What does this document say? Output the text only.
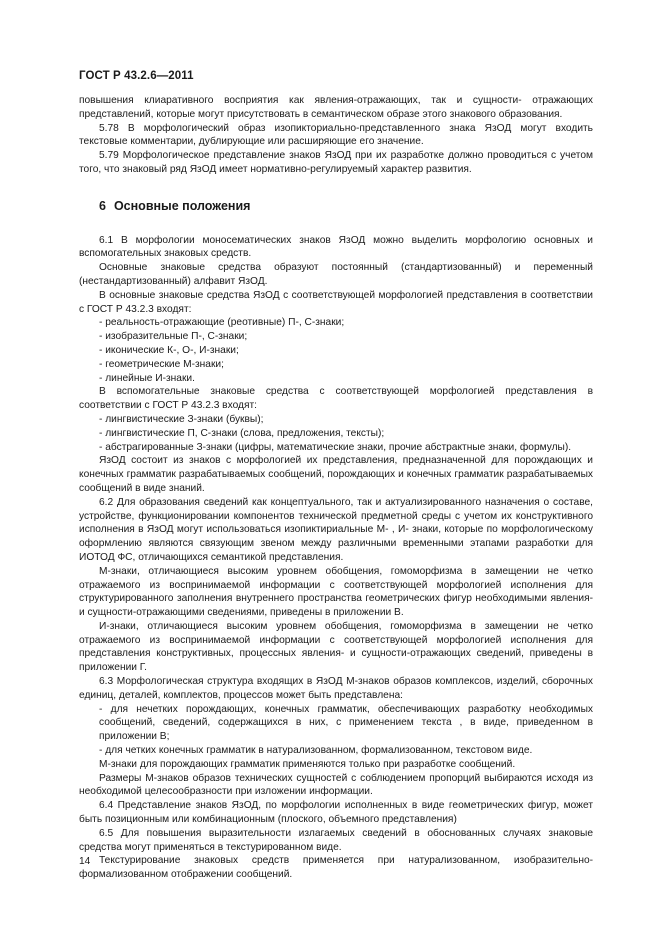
ГОСТ Р 43.2.6—2011

повышения клиаративного восприятия как явления-отражающих, так и сущности- отражающих представлений, которые могут присутствовать в семантическом образе этого знакового образования.

5.78 В морфологический образ изопикториально-представленного знака ЯзОД могут входить текстовые комментарии, дублирующие или расширяющие его значение.

5.79 Морфологическое представление знаков ЯзОД при их разработке должно проводиться с учетом того, что знаковый ряд ЯзОД имеет нормативно-регулируемый характер развития.

6 Основные положения

6.1 В морфологии моносематических знаков ЯзОД можно выделить морфологию основных и вспомогательных знаковых средств.

Основные знаковые средства образуют постоянный (стандартизованный) и переменный (нестандартизованный) алфавит ЯзОД.

В основные знаковые средства ЯзОД с соответствующей морфологией представления в соответствии с ГОСТ Р 43.2.3 входят:

- реальность-отражающие (реотивные) П-, С-знаки;

- изобразительные П-, С-знаки;

- иконические К-, О-, И-знаки;

- геометрические М-знаки;

- линейные И-знаки.

В вспомогательные знаковые средства с соответствующей морфологией представления в соответствии с ГОСТ Р 43.2.3 входят:

- лингвистические З-знаки (буквы);

- лингвистические П, С-знаки (слова, предложения, тексты);

- абстрагированные З-знаки (цифры, математические знаки, прочие абстрактные знаки, формулы).

ЯзОД состоит из знаков с морфологией их представления, предназначенной для порождающих и конечных грамматик разрабатываемых сообщений, порождающих и конечных грамматик разрабатываемых сообщений в виде знаний.

6.2 Для образования сведений как концептуального, так и актуализированного назначения о составе, устройстве, функционировании компонентов технической предметной среды с учетом их конструктивного исполнения в ЯзОД могут использоваться изопиктириальные М- , И- знаки, которые по морфологическому оформлению являются связующим звеном между различными временными этапами разработки для ИОТОД ФС, отличающихся семантикой представления.

М-знаки, отличающиеся высоким уровнем обобщения, гомоморфизма в замещении не четко отражаемого из воспринимаемой информации с соответствующей морфологией исполнения для структурированного заполнения внутреннего пространства геометрических фигур необходимыми явления- и сущности-отражающими сведениями, приведены в приложении В.

И-знаки, отличающиеся высоким уровнем обобщения, гомоморфизма в замещении не четко отражаемого из воспринимаемой информации с соответствующей морфологией исполнения для представления конструктивных, процессных явления- и сущности-отражающих сведений, приведены в приложении Г.

6.3 Морфологическая структура входящих в ЯзОД М-знаков образов комплексов, изделий, сборочных единиц, деталей, комплектов, процессов может быть представлена:

- для нечетких порождающих, конечных грамматик, обеспечивающих разработку необходимых сообщений, сведений, содержащихся в них, с применением текста , в виде, приведенном в приложении В;

- для четких конечных грамматик в натурализованном, формализованном, текстовом виде.

М-знаки для порождающих грамматик применяются только при разработке сообщений.

Размеры М-знаков образов технических сущностей с соблюдением пропорций выбираются исходя из необходимой целесообразности при изложении информации.

6.4 Представление знаков ЯзОД, по морфологии исполненных в виде геометрических фигур, может быть позиционным или комбинационным (плоского, объемного представления)

6.5 Для повышения выразительности излагаемых сведений в обоснованных случаях знаковые средства могут применяться в текстурированном виде.

Текстурирование знаковых средств применяется при натурализованном, изобразительно-формализованном отображении сообщений.

14
